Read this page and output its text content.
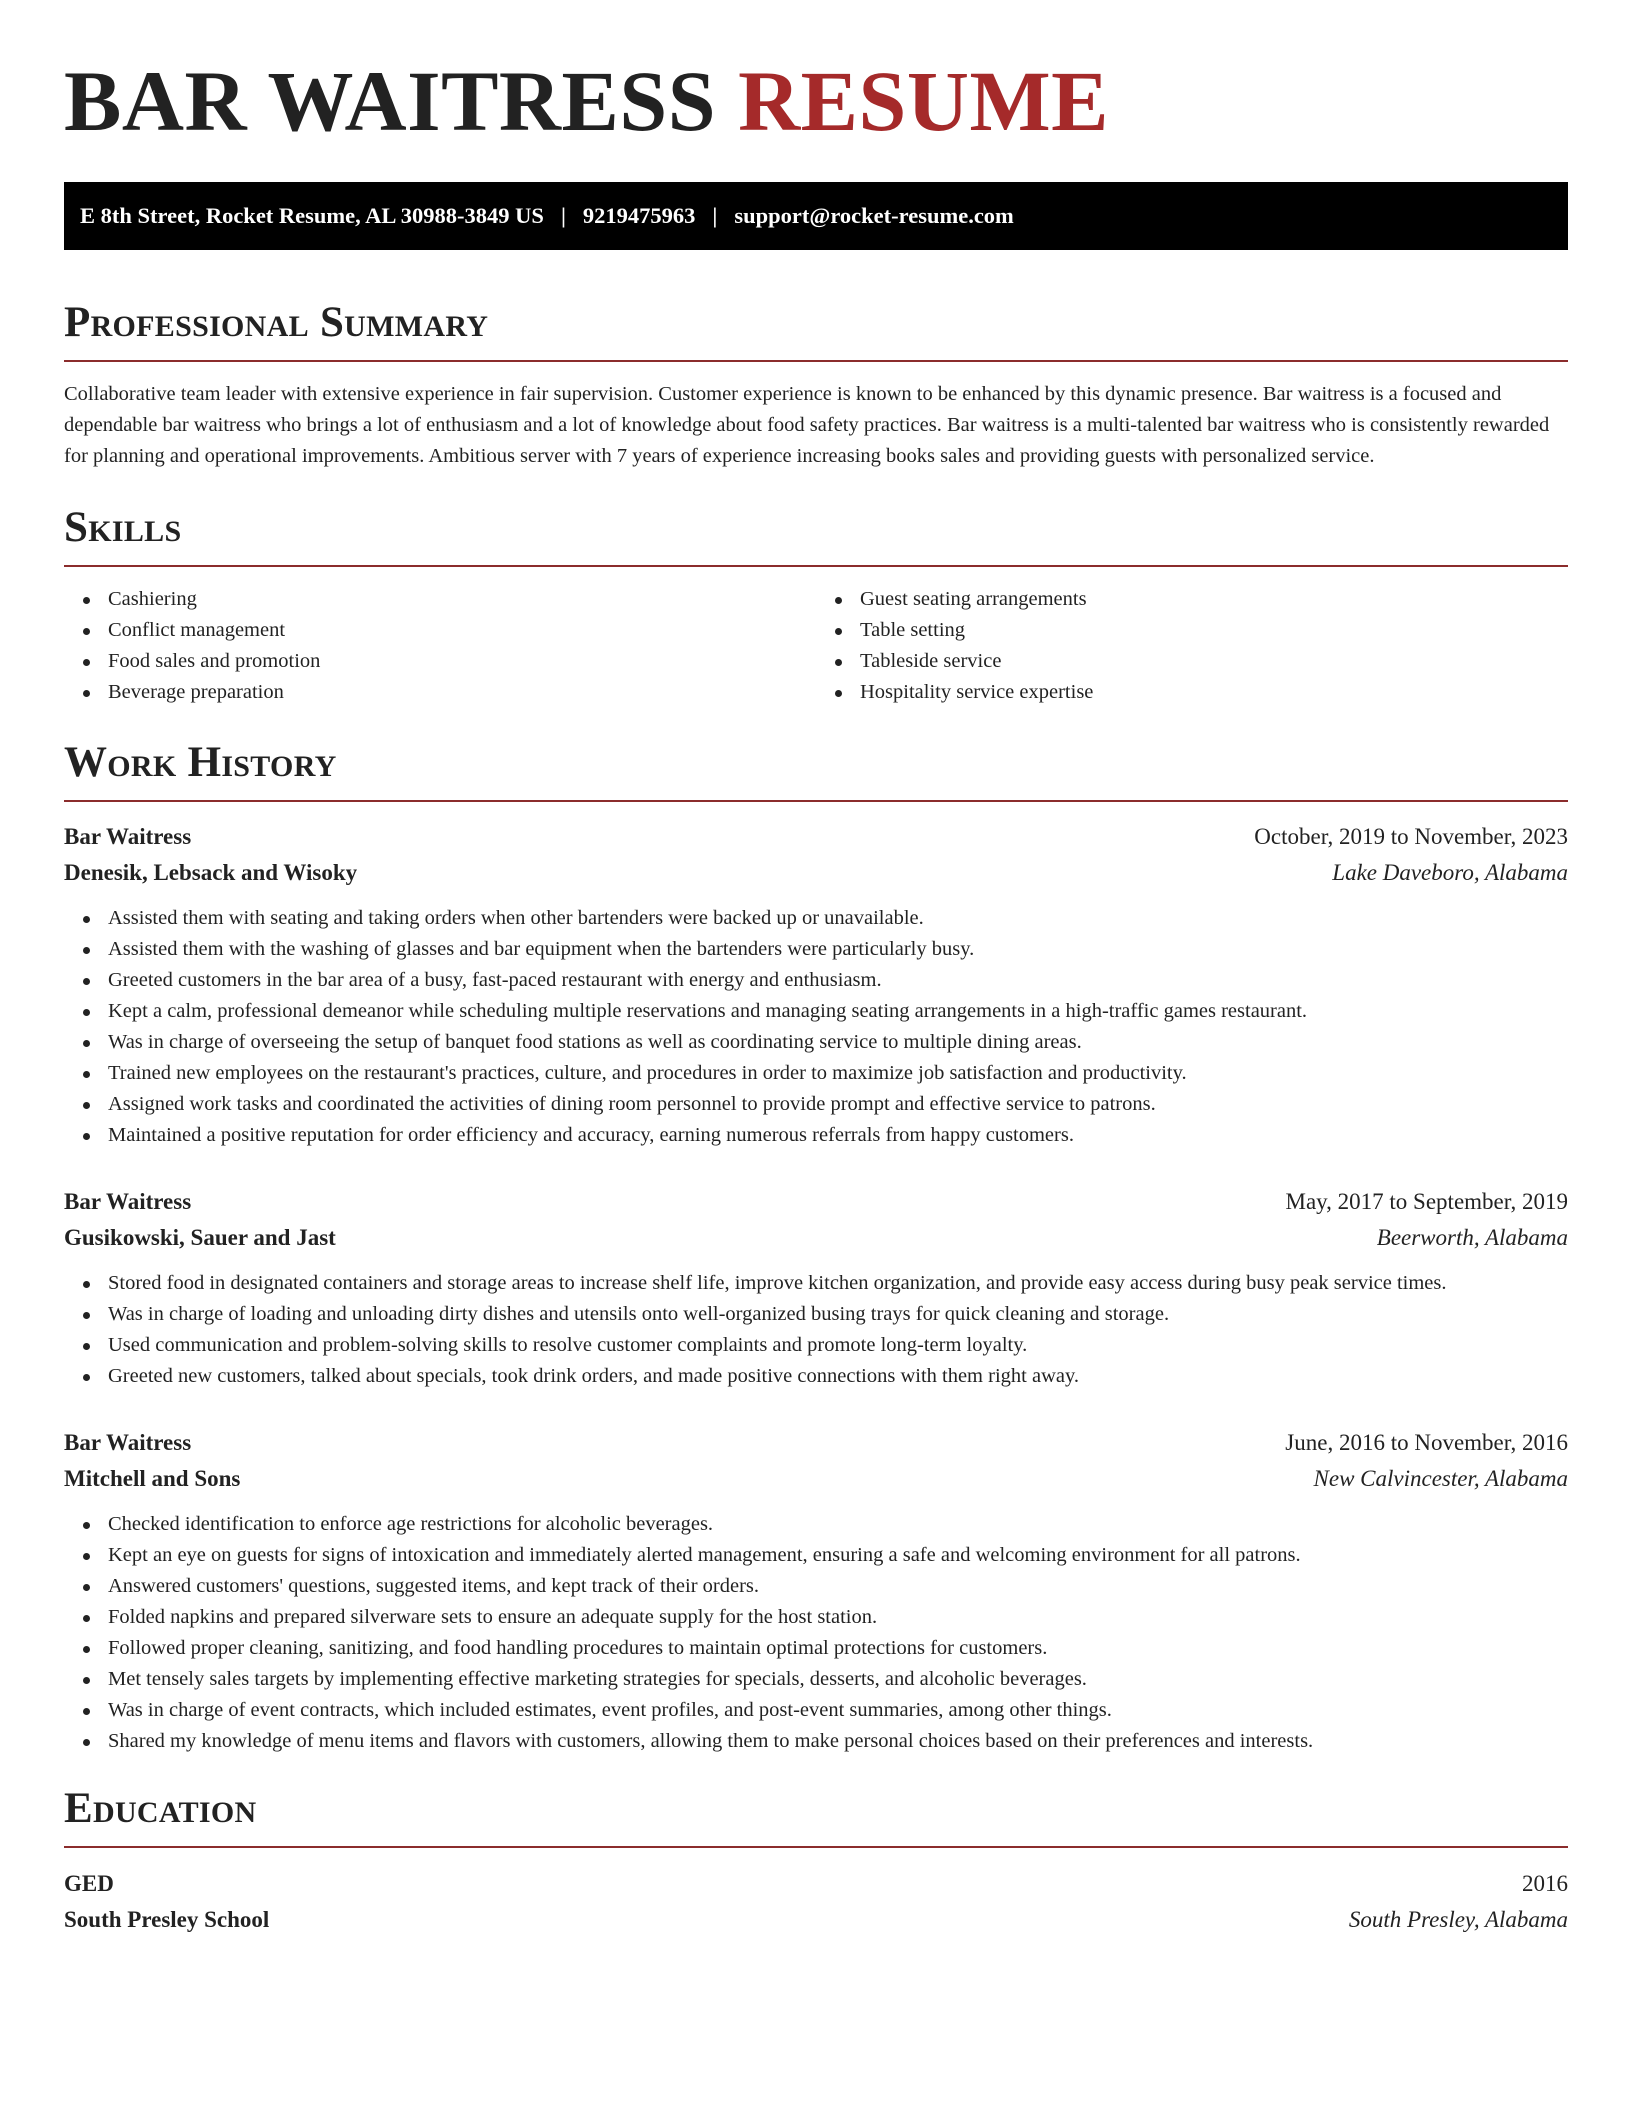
BAR WAITRESS RESUME
E 8th Street, Rocket Resume, AL 30988-3849 US | 9219475963 | support@rocket-resume.com
Professional Summary

Collaborative team leader with extensive experience in fair supervision. Customer experience is known to be enhanced by this dynamic presence. Bar waitress is a focused and dependable bar waitress who brings a lot of enthusiasm and a lot of knowledge about food safety practices. Bar waitress is a multi-talented bar waitress who is consistently rewarded for planning and operational improvements. Ambitious server with 7 years of experience increasing books sales and providing guests with personalized service.

Skills
Cashiering
Conflict management
Food sales and promotion
Beverage preparation
Guest seating arrangements
Table setting
Tableside service
Hospitality service expertise
Work History
Bar Waitress	October, 2019 to November, 2023
Denesik, Lebsack and Wisoky	Lake Daveboro, Alabama
Assisted them with seating and taking orders when other bartenders were backed up or unavailable.
Assisted them with the washing of glasses and bar equipment when the bartenders were particularly busy.
Greeted customers in the bar area of a busy, fast-paced restaurant with energy and enthusiasm.
Kept a calm, professional demeanor while scheduling multiple reservations and managing seating arrangements in a high-traffic games restaurant.
Was in charge of overseeing the setup of banquet food stations as well as coordinating service to multiple dining areas.
Trained new employees on the restaurant's practices, culture, and procedures in order to maximize job satisfaction and productivity.
Assigned work tasks and coordinated the activities of dining room personnel to provide prompt and effective service to patrons.
Maintained a positive reputation for order efficiency and accuracy, earning numerous referrals from happy customers.
Bar Waitress	May, 2017 to September, 2019
Gusikowski, Sauer and Jast	Beerworth, Alabama
Stored food in designated containers and storage areas to increase shelf life, improve kitchen organization, and provide easy access during busy peak service times.
Was in charge of loading and unloading dirty dishes and utensils onto well-organized busing trays for quick cleaning and storage.
Used communication and problem-solving skills to resolve customer complaints and promote long-term loyalty.
Greeted new customers, talked about specials, took drink orders, and made positive connections with them right away.
Bar Waitress	June, 2016 to November, 2016
Mitchell and Sons	New Calvincester, Alabama
Checked identification to enforce age restrictions for alcoholic beverages.
Kept an eye on guests for signs of intoxication and immediately alerted management, ensuring a safe and welcoming environment for all patrons.
Answered customers' questions, suggested items, and kept track of their orders.
Folded napkins and prepared silverware sets to ensure an adequate supply for the host station.
Followed proper cleaning, sanitizing, and food handling procedures to maintain optimal protections for customers.
Met tensely sales targets by implementing effective marketing strategies for specials, desserts, and alcoholic beverages.
Was in charge of event contracts, which included estimates, event profiles, and post-event summaries, among other things.
Shared my knowledge of menu items and flavors with customers, allowing them to make personal choices based on their preferences and interests.
Education
GED	2016
South Presley School	South Presley, Alabama
